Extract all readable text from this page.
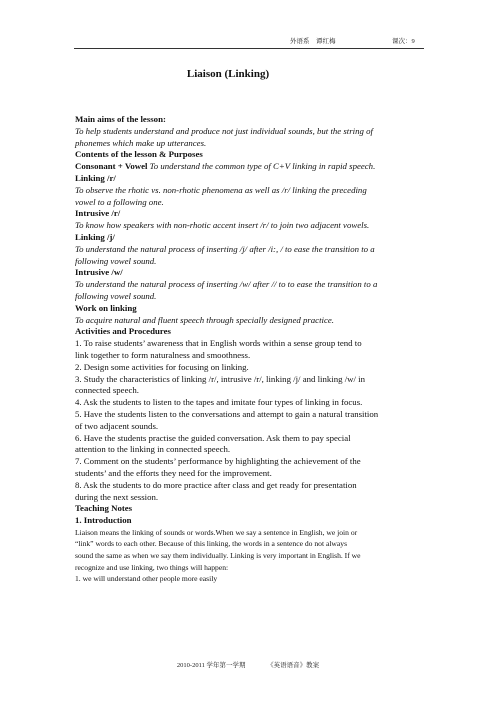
外语系 谭红梅	课次：9
Liaison (Linking)
Main aims of the lesson:
To help students understand and produce not just individual sounds, but the string of
phonemes which make up utterances.
Contents of the lesson & Purposes
Consonant + Vowel To understand the common type of C+V linking in rapid speech.
Linking /r/
To observe the rhotic vs. non-rhotic phenomena as well as /r/ linking the preceding
vowel to a following one.
Intrusive /r/
To know how speakers with non-rhotic accent insert /r/ to join two adjacent vowels.
Linking /j/
To understand the natural process of inserting /j/ after /i:, / to ease the transition to a
following vowel sound.
Intrusive /w/
To understand the natural process of inserting /w/ after // to to ease the transition to a
following vowel sound.
Work on linking
To acquire natural and fluent speech through specially designed practice.
Activities and Procedures
1. To raise students’ awareness that in English words within a sense group tend to
link together to form naturalness and smoothness.
2. Design some activities for focusing on linking.
3. Study the characteristics of linking /r/, intrusive /r/, linking /j/ and linking /w/ in
connected speech.
4. Ask the students to listen to the tapes and imitate four types of linking in focus.
5. Have the students listen to the conversations and attempt to gain a natural transition
of two adjacent sounds.
6. Have the students practise the guided conversation. Ask them to pay special
attention to the linking in connected speech.
7. Comment on the students’ performance by highlighting the achievement of the
students’ and the efforts they need for the improvement.
8. Ask the students to do more practice after class and get ready for presentation
during the next session.
Teaching Notes
1. Introduction
Liaison means the linking of sounds or words.When we say a sentence in English, we join or
“link” words to each other. Because of this linking, the words in a sentence do not always
sound the same as when we say them individually. Linking is very important in English. If we
recognize and use linking, two things will happen:
1. we will understand other people more easily
2010-2011 学年第一学期	《英语语音》教案
